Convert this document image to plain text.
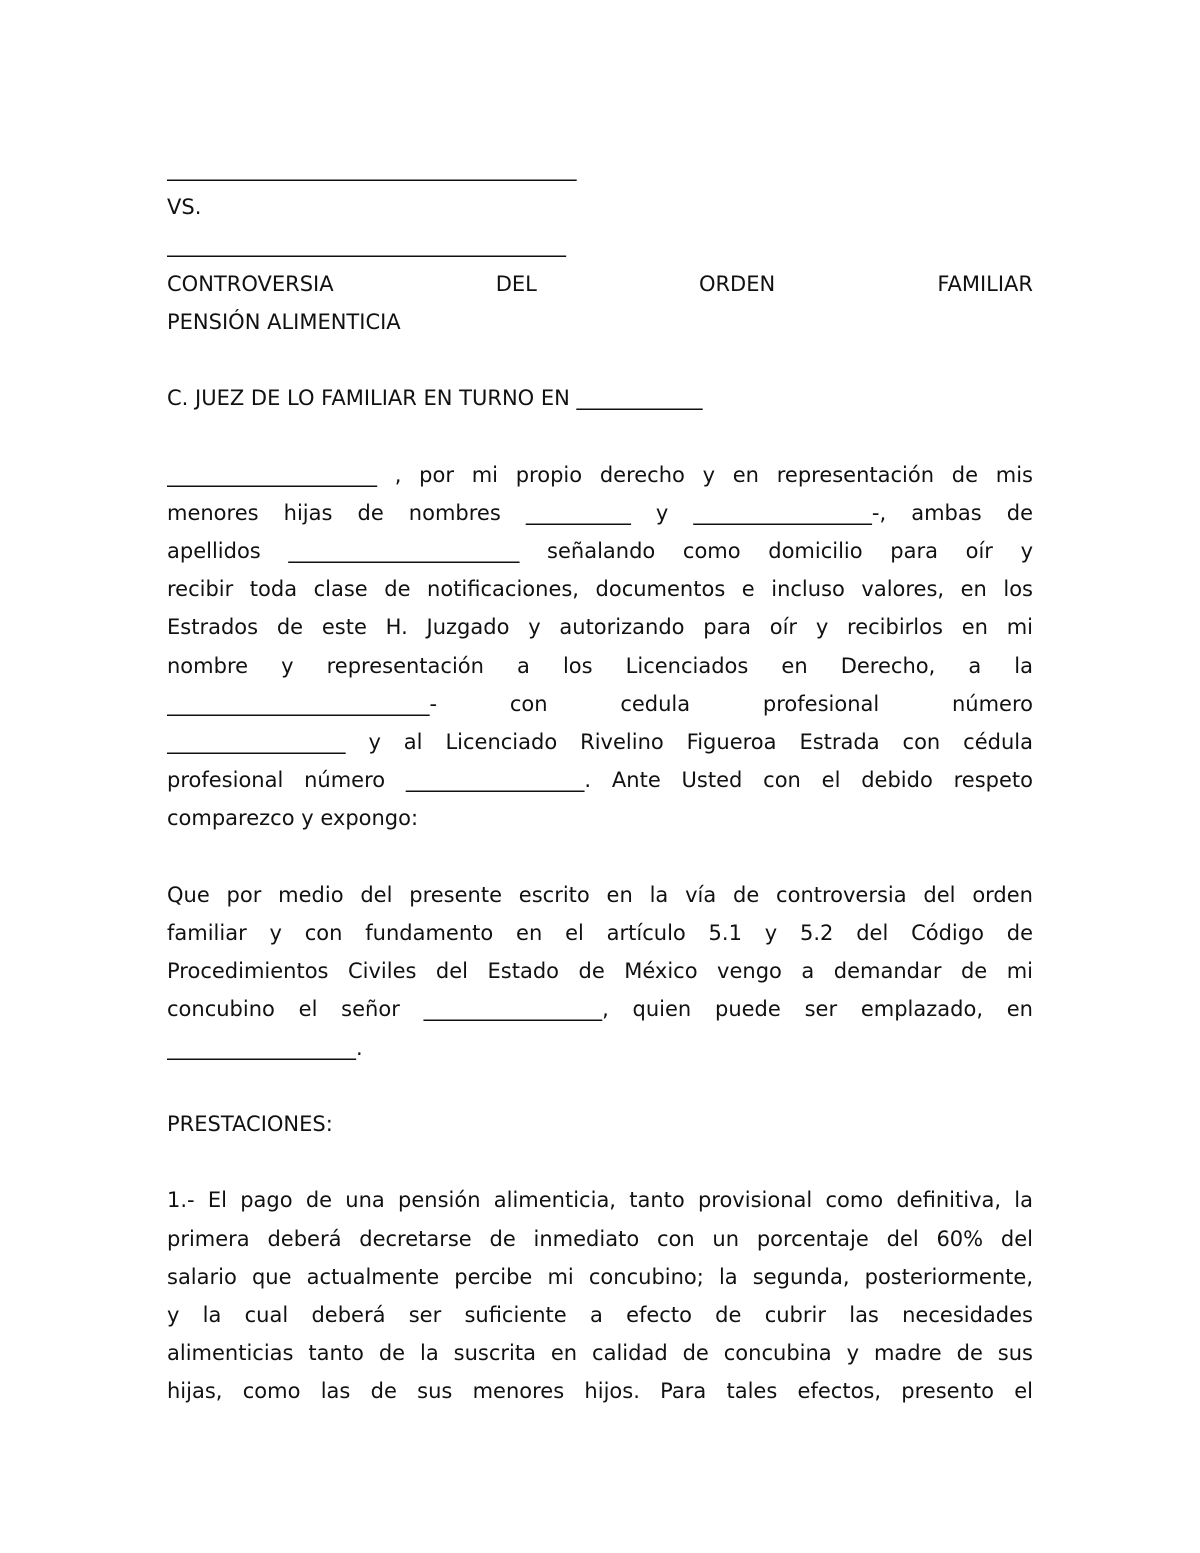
_______________________________________
VS.
______________________________________
CONTROVERSIA	DEL	ORDEN	FAMILIAR
PENSIÓN ALIMENTICIA
C. JUEZ DE LO FAMILIAR EN TURNO EN ____________
____________________ , por mi propio derecho y en representación de mis
menores hijas de nombres __________ y _________________-, ambas de
apellidos ______________________ señalando como domicilio para oír y
recibir toda clase de notificaciones, documentos e incluso valores, en los
Estrados de este H. Juzgado y autorizando para oír y recibirlos en mi
nombre y representación a los Licenciados en Derecho, a la
_________________________- con cedula profesional número
_________________ y al Licenciado Rivelino Figueroa Estrada con cédula
profesional número _________________. Ante Usted con el debido respeto
comparezco y expongo:
Que por medio del presente escrito en la vía de controversia del orden
familiar y con fundamento en el artículo 5.1 y 5.2 del Código de
Procedimientos Civiles del Estado de México vengo a demandar de mi
concubino el señor _________________, quien puede ser emplazado, en
__________________.
PRESTACIONES:
1.- El pago de una pensión alimenticia, tanto provisional como definitiva, la
primera deberá decretarse de inmediato con un porcentaje del 60% del
salario que actualmente percibe mi concubino; la segunda, posteriormente,
y la cual deberá ser suficiente a efecto de cubrir las necesidades
alimenticias tanto de la suscrita en calidad de concubina y madre de sus
hijas, como las de sus menores hijos. Para tales efectos, presento el
